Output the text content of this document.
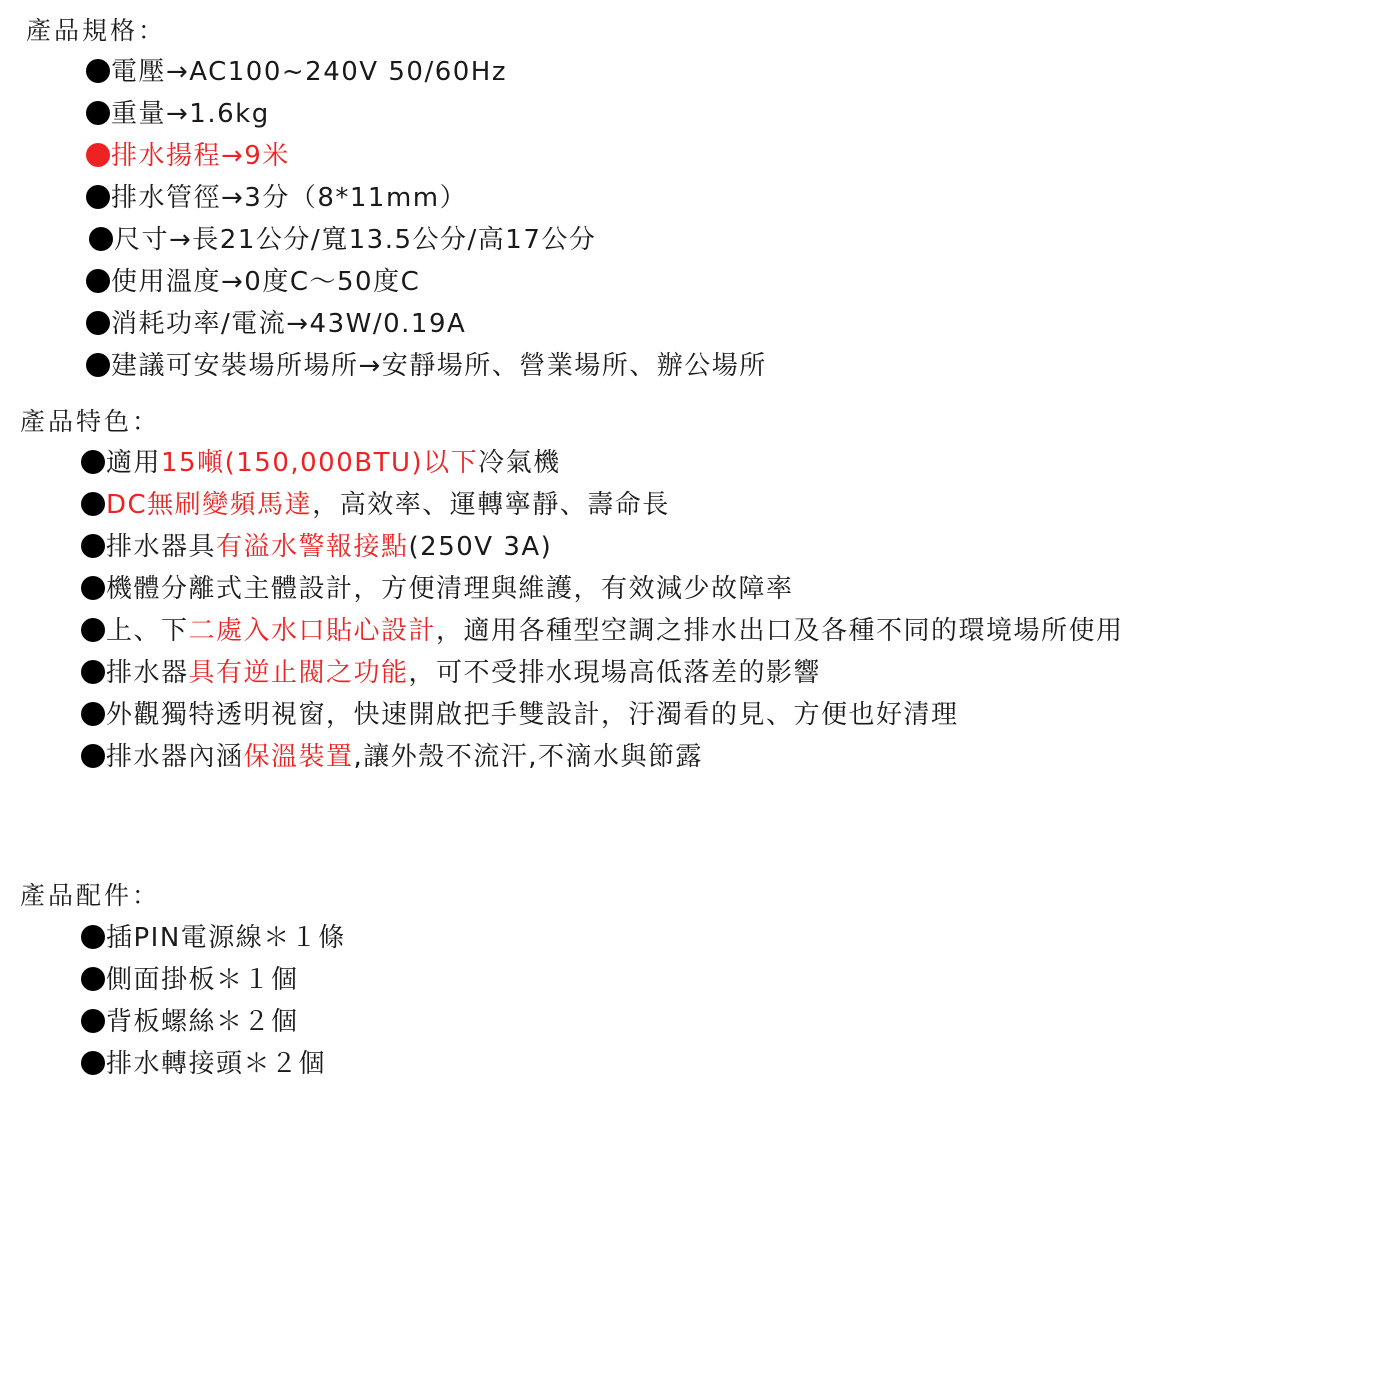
產品規格：
電壓→AC100~240V 50/60Hz
重量→1.6kg
排水揚程→9米
排水管徑→3分（8*11mm）
尺寸→長21公分/寬13.5公分/高17公分
使用溫度→0度C～50度C
消耗功率/電流→43W/0.19A
建議可安裝場所場所→安靜場所、營業場所、辦公場所
產品特色：
適用15噸(150,000BTU)以下冷氣機
DC無刷變頻馬達，高效率、運轉寧靜、壽命長
排水器具有溢水警報接點(250V 3A)
機體分離式主體設計，方便清理與維護，有效減少故障率
上、下二處入水口貼心設計，適用各種型空調之排水出口及各種不同的環境場所使用
排水器具有逆止閥之功能，可不受排水現場高低落差的影響
外觀獨特透明視窗，快速開啟把手雙設計，汙濁看的見、方便也好清理
排水器內涵保溫裝置,讓外殼不流汗,不滴水與節露
產品配件：
插PIN電源線＊１條
側面掛板＊１個
背板螺絲＊２個
排水轉接頭＊２個
